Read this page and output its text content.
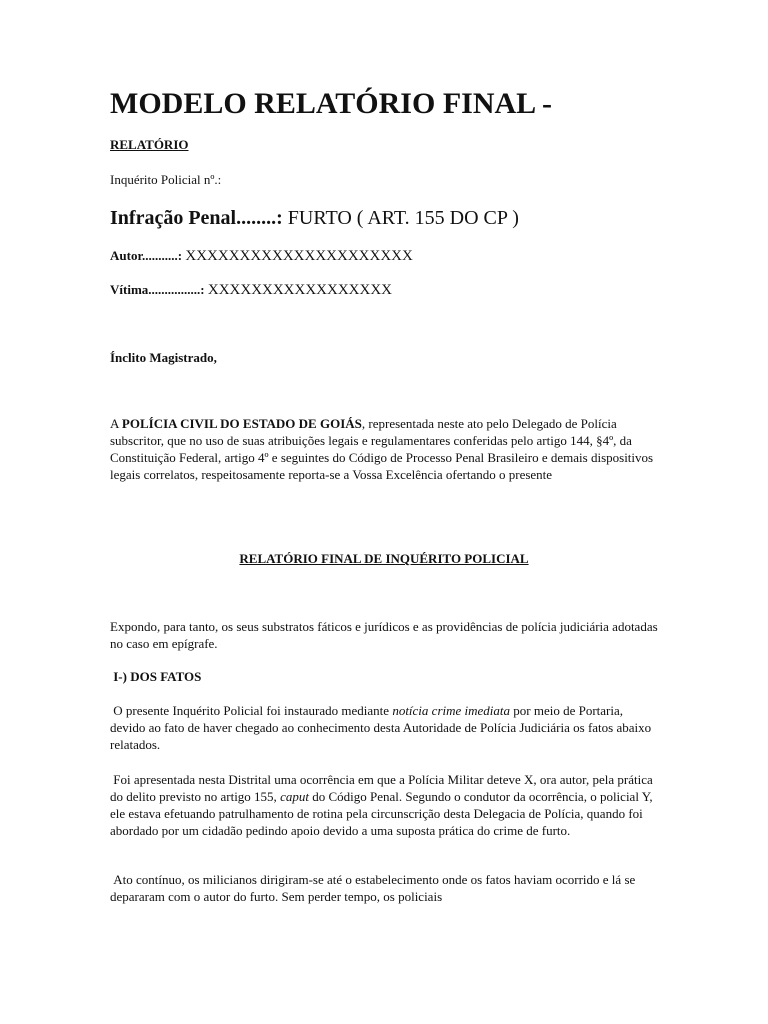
MODELO RELATÓRIO FINAL -
RELATÓRIO
Inquérito Policial nº.:
Infração Penal........: FURTO ( ART. 155 DO CP )
Autor...........: XXXXXXXXXXXXXXXXXXXXX
Vítima................: XXXXXXXXXXXXXXXXX
Ínclito Magistrado,

A POLÍCIA CIVIL DO ESTADO DE GOIÁS, representada neste ato pelo Delegado de Polícia subscritor, que no uso de suas atribuições legais e regulamentares conferidas pelo artigo 144, §4º, da Constituição Federal, artigo 4º e seguintes do Código de Processo Penal Brasileiro e demais dispositivos legais correlatos, respeitosamente reporta-se a Vossa Excelência ofertando o presente

RELATÓRIO FINAL DE INQUÉRITO POLICIAL

Expondo, para tanto, os seus substratos fáticos e jurídicos e as providências de polícia judiciária adotadas no caso em epígrafe.

I-) DOS FATOS

O presente Inquérito Policial foi instaurado mediante notícia crime imediata por meio de Portaria, devido ao fato de haver chegado ao conhecimento desta Autoridade de Polícia Judiciária os fatos abaixo relatados.

Foi apresentada nesta Distrital uma ocorrência em que a Polícia Militar deteve X, ora autor, pela prática do delito previsto no artigo 155, caput do Código Penal. Segundo o condutor da ocorrência, o policial Y, ele estava efetuando patrulhamento de rotina pela circunscrição desta Delegacia de Polícia, quando foi abordado por um cidadão pedindo apoio devido a uma suposta prática do crime de furto.

Ato contínuo, os milicianos dirigiram-se até o estabelecimento onde os fatos haviam ocorrido e lá se depararam com o autor do furto. Sem perder tempo, os policiais
